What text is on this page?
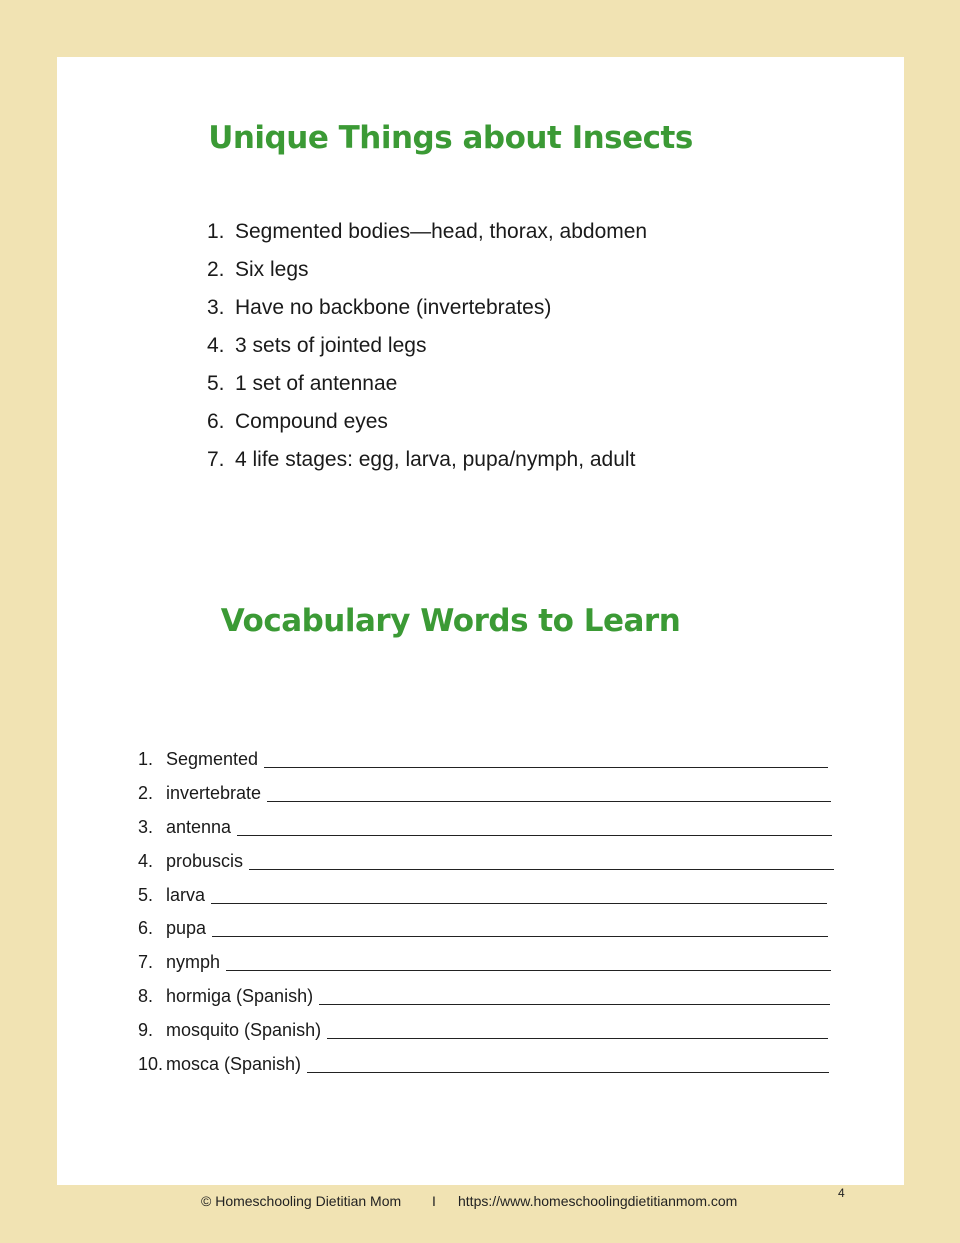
Unique Things about Insects
1. Segmented bodies—head, thorax, abdomen
2. Six legs
3. Have no backbone (invertebrates)
4. 3 sets of jointed legs
5. 1 set of antennae
6. Compound eyes
7. 4 life stages: egg, larva, pupa/nymph, adult
Vocabulary Words to Learn
1. Segmented
2. invertebrate
3. antenna
4. probuscis
5. larva
6. pupa
7. nymph
8. hormiga (Spanish)
9. mosquito (Spanish)
10. mosca (Spanish)
© Homeschooling Dietitian Mom I https://www.homeschoolingdietitianmom.com	4
